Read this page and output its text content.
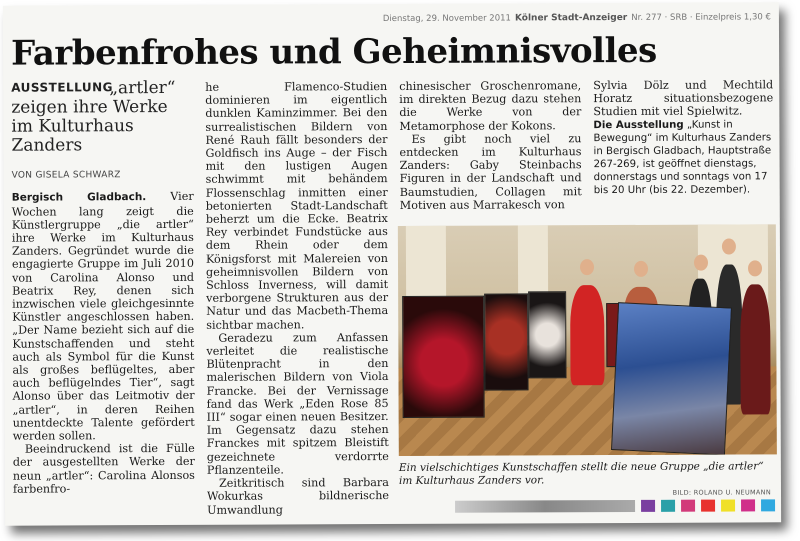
Dienstag, 29. November 2011 Kölner Stadt-Anzeiger Nr. 277 · SRB · Einzelpreis 1,30 €
Farbenfrohes und Geheimnisvolles
AUSSTELLUNG
„artler“ zeigen ihre Werke im Kulturhaus Zanders
VON GISELA SCHWARZ

Bergisch Gladbach. Vier Wochen lang zeigt die Künstlergruppe „die artler“ ihre Werke im Kulturhaus Zanders. Gegründet wurde die engagierte Gruppe im Juli 2010 von Carolina Alonso und Beatrix Rey, denen sich inzwischen viele gleichgesinnte Künstler angeschlossen haben. „Der Name bezieht sich auf die Kunstschaffenden und steht auch als Symbol für die Kunst als großes beflügeltes, aber auch beflügelndes Tier“, sagt Alonso über das Leitmotiv der „artler“, in deren Reihen unentdeckte Talente gefördert werden sollen.

Beeindruckend ist die Fülle der ausgestellten Werke der neun „artler“: Carolina Alonsos farbenfro-

he Flamenco-Studien dominieren im eigentlich dunklen Kaminzimmer. Bei den surrealistischen Bildern von René Rauh fällt besonders der Goldfisch ins Auge – der Fisch mit den lustigen Augen schwimmt mit behändem Flossenschlag inmitten einer betonierten Stadt-Landschaft beherzt um die Ecke. Beatrix Rey verbindet Fundstücke aus dem Rhein oder dem Königsforst mit Malereien von geheimnisvollen Bildern von Schloss Inverness, will damit verborgene Strukturen aus der Natur und das Macbeth-Thema sichtbar machen.

Geradezu zum Anfassen verleitet die realistische Blütenpracht in den malerischen Bildern von Viola Francke. Bei der Vernissage fand das Werk „Eden Rose 85 III“ sogar einen neuen Besitzer. Im Gegensatz dazu stehen Franckes mit spitzem Bleistift gezeichnete verdorrte Pflanzenteile.

Zeitkritisch sind Barbara Wokurkas bildnerische Umwandlung

chinesischer Groschenromane, im direkten Bezug dazu stehen die Werke von der Metamorphose der Kokons.

Es gibt noch viel zu entdecken im Kulturhaus Zanders: Gaby Steinbachs Figuren in der Landschaft und Baumstudien, Collagen mit Motiven aus Marrakesch von

Sylvia Dölz und Mechtild Horatz situationsbezogene Studien mit viel Spielwitz.

Die Ausstellung „Kunst in Bewegung“ im Kulturhaus Zanders in Bergisch Gladbach, Hauptstraße 267-269, ist geöffnet dienstags, donnerstags und sonntags von 17 bis 20 Uhr (bis 22. Dezember).

Ein vielschichtiges Kunstschaffen stellt die neue Gruppe „die artler“ im Kulturhaus Zanders vor.
BILD: ROLAND U. NEUMANN
